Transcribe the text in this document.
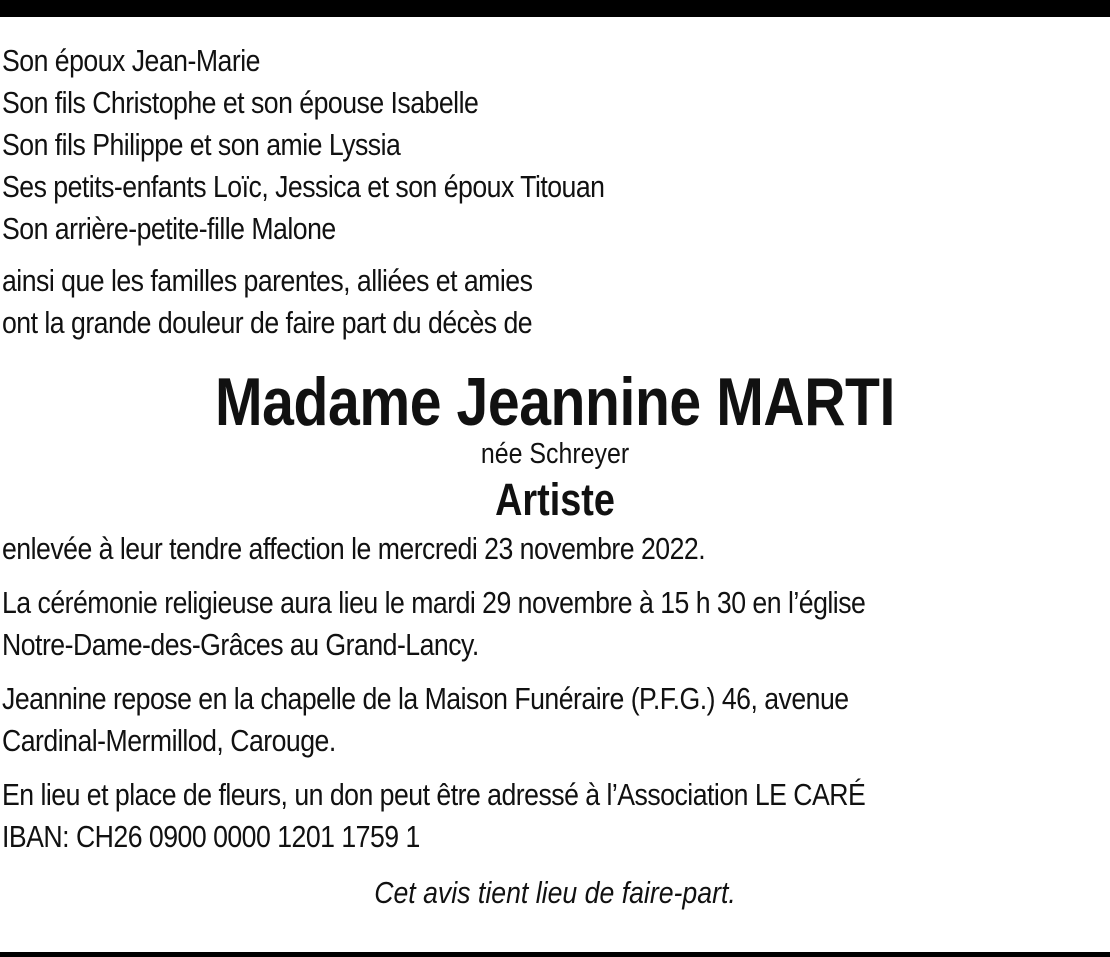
Son époux Jean-Marie
Son fils Christophe et son épouse Isabelle
Son fils Philippe et son amie Lyssia
Ses petits-enfants Loïc, Jessica et son époux Titouan
Son arrière-petite-fille Malone
ainsi que les familles parentes, alliées et amies
ont la grande douleur de faire part du décès de
Madame Jeannine MARTI
née Schreyer
Artiste
enlevée à leur tendre affection le mercredi 23 novembre 2022.
La cérémonie religieuse aura lieu le mardi 29 novembre à 15 h 30 en l’église
Notre-Dame-des-Grâces au Grand-Lancy.
Jeannine repose en la chapelle de la Maison Funéraire (P.F.G.) 46, avenue
Cardinal-Mermillod, Carouge.
En lieu et place de fleurs, un don peut être adressé à l’Association LE CARÉ
IBAN: CH26 0900 0000 1201 1759 1
Cet avis tient lieu de faire-part.
